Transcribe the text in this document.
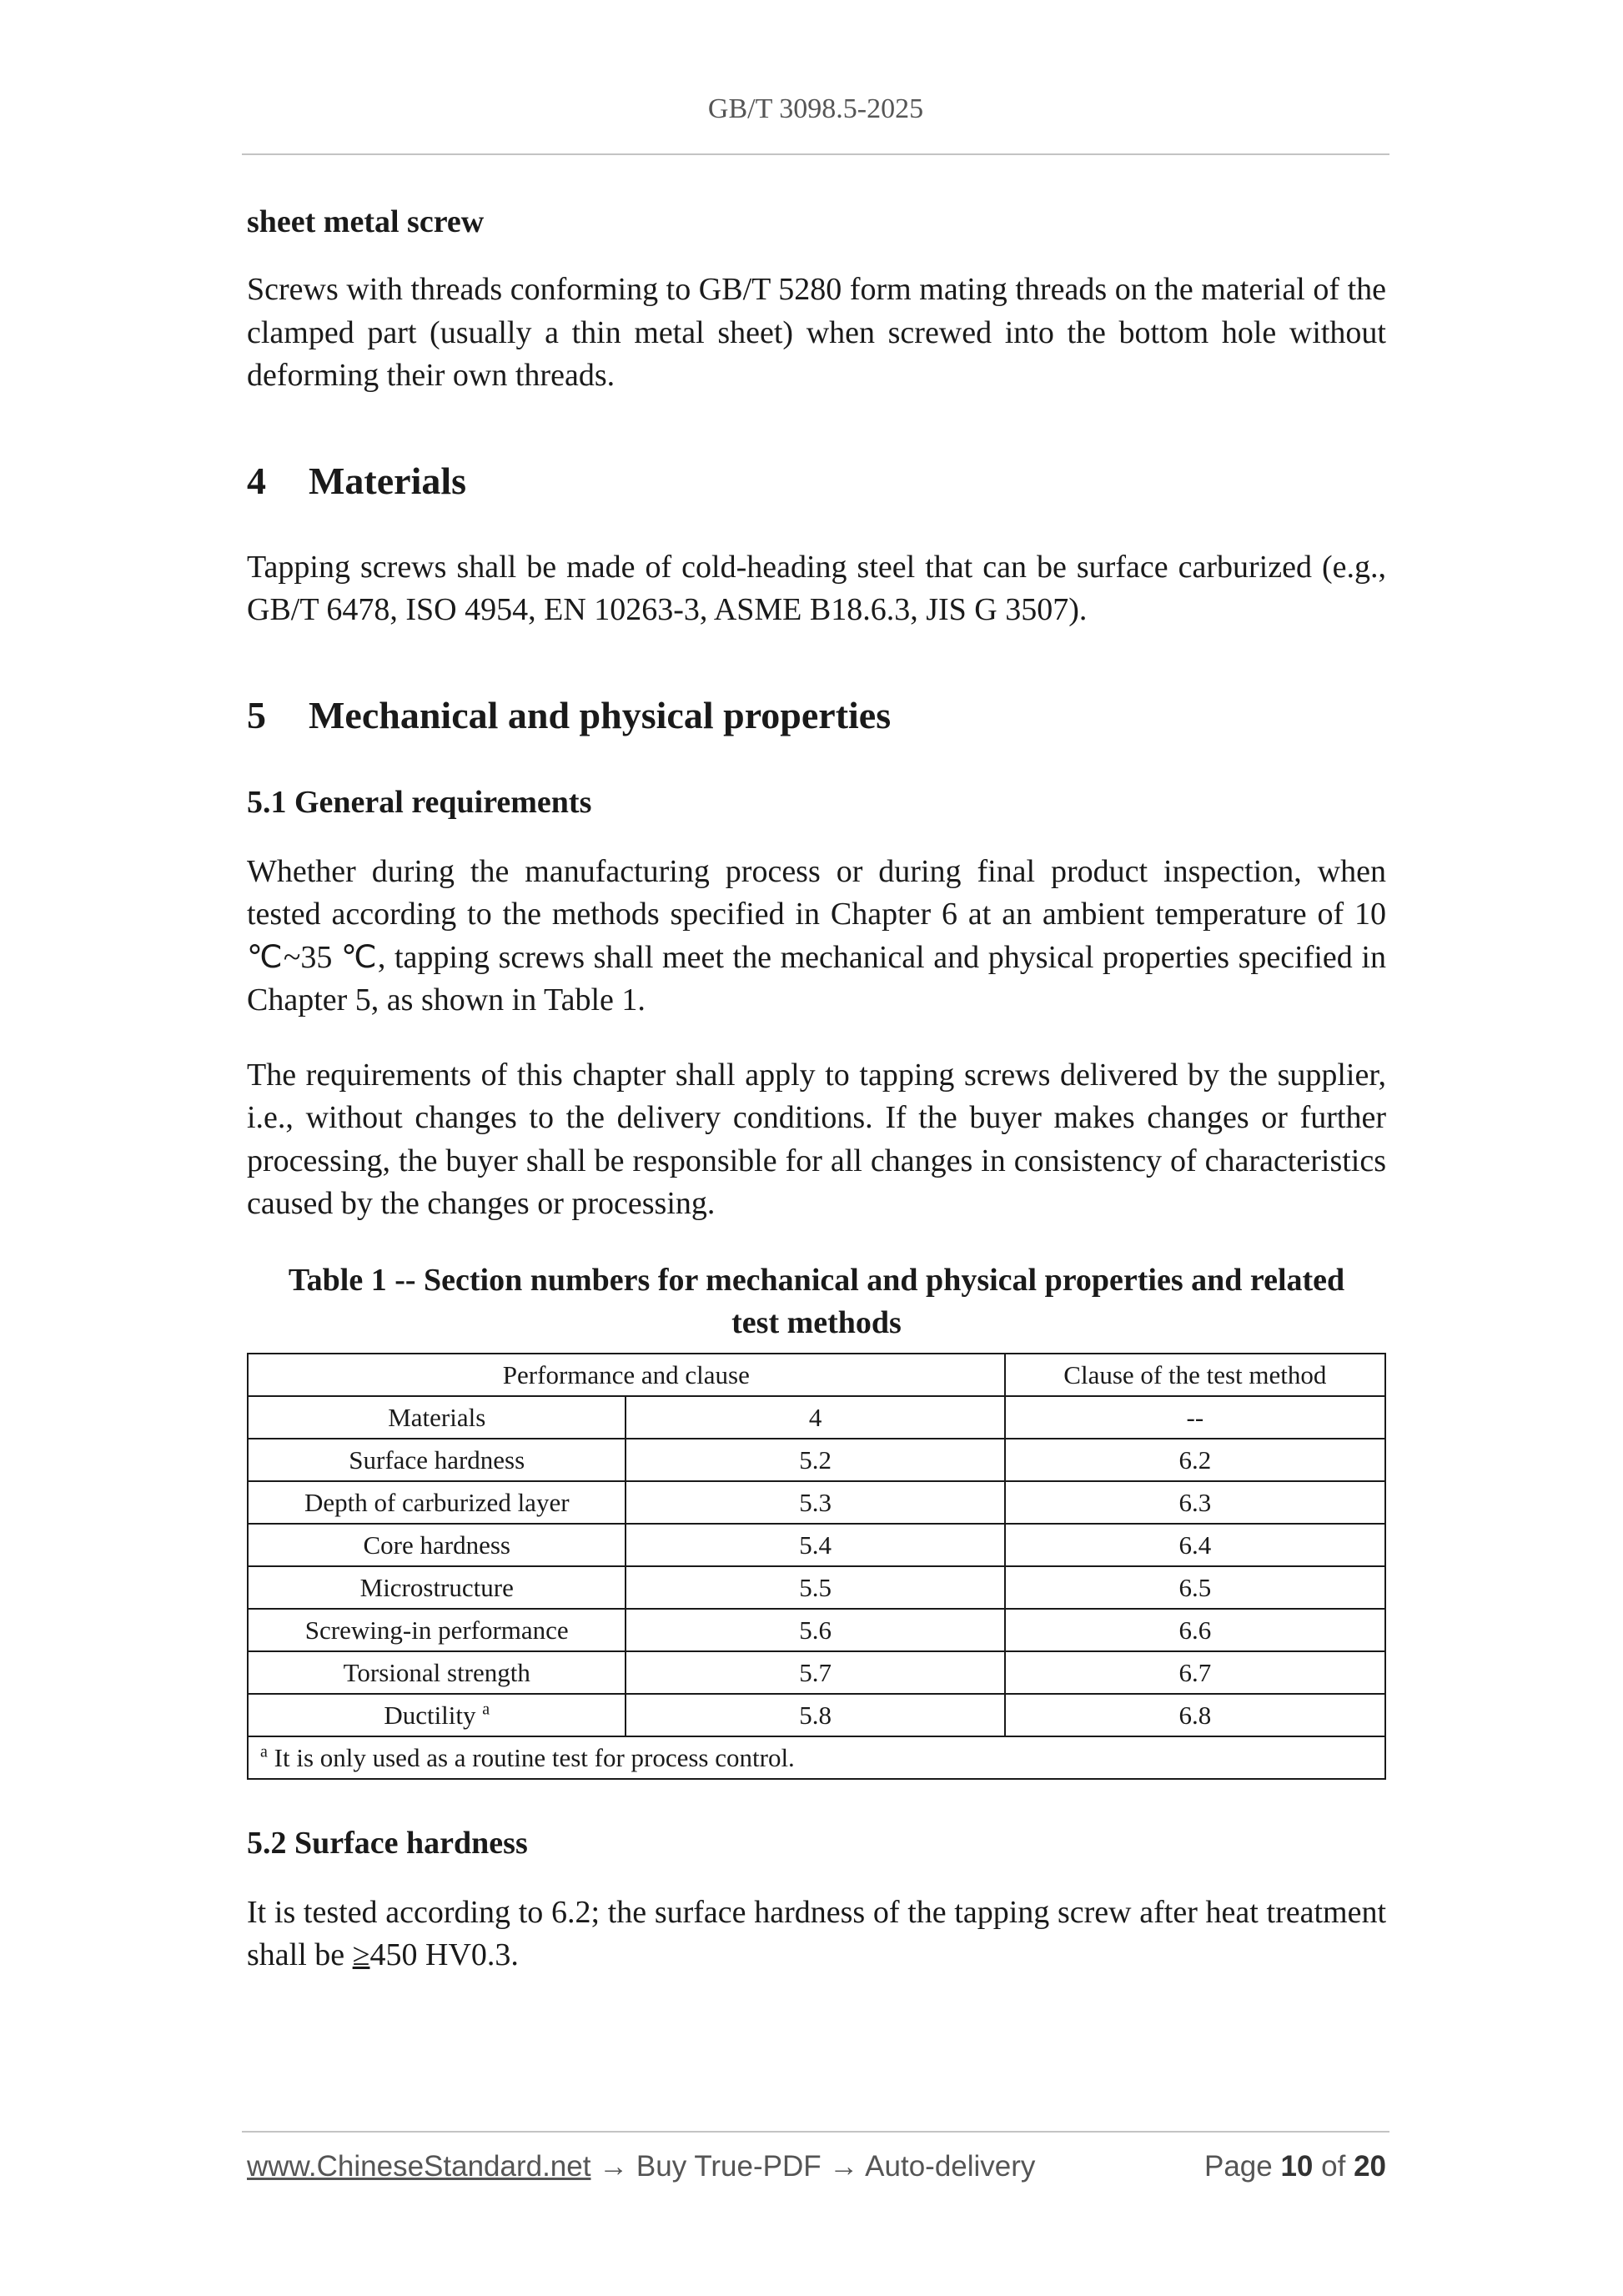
GB/T 3098.5-2025
sheet metal screw
Screws with threads conforming to GB/T 5280 form mating threads on the material of the clamped part (usually a thin metal sheet) when screwed into the bottom hole without deforming their own threads.
4	Materials
Tapping screws shall be made of cold-heading steel that can be surface carburized (e.g., GB/T 6478, ISO 4954, EN 10263-3, ASME B18.6.3, JIS G 3507).
5	Mechanical and physical properties
5.1 General requirements
Whether during the manufacturing process or during final product inspection, when tested according to the methods specified in Chapter 6 at an ambient temperature of 10 ℃~35 ℃, tapping screws shall meet the mechanical and physical properties specified in Chapter 5, as shown in Table 1.
The requirements of this chapter shall apply to tapping screws delivered by the supplier, i.e., without changes to the delivery conditions. If the buyer makes changes or further processing, the buyer shall be responsible for all changes in consistency of characteristics caused by the changes or processing.
Table 1 -- Section numbers for mechanical and physical properties and related test methods
Performance and clause		Clause of the test method
Materials	4	--
Surface hardness	5.2	6.2
Depth of carburized layer	5.3	6.3
Core hardness	5.4	6.4
Microstructure	5.5	6.5
Screwing-in performance	5.6	6.6
Torsional strength	5.7	6.7
Ductility $^a$	5.8	6.8
$^a$ It is only used as a routine test for process control.		
5.2 Surface hardness
It is tested according to 6.2; the surface hardness of the tapping screw after heat treatment shall be ≥450 HV0.3.
www.ChineseStandard.net → Buy True-PDF → Auto-delivery	Page 10 of 20
